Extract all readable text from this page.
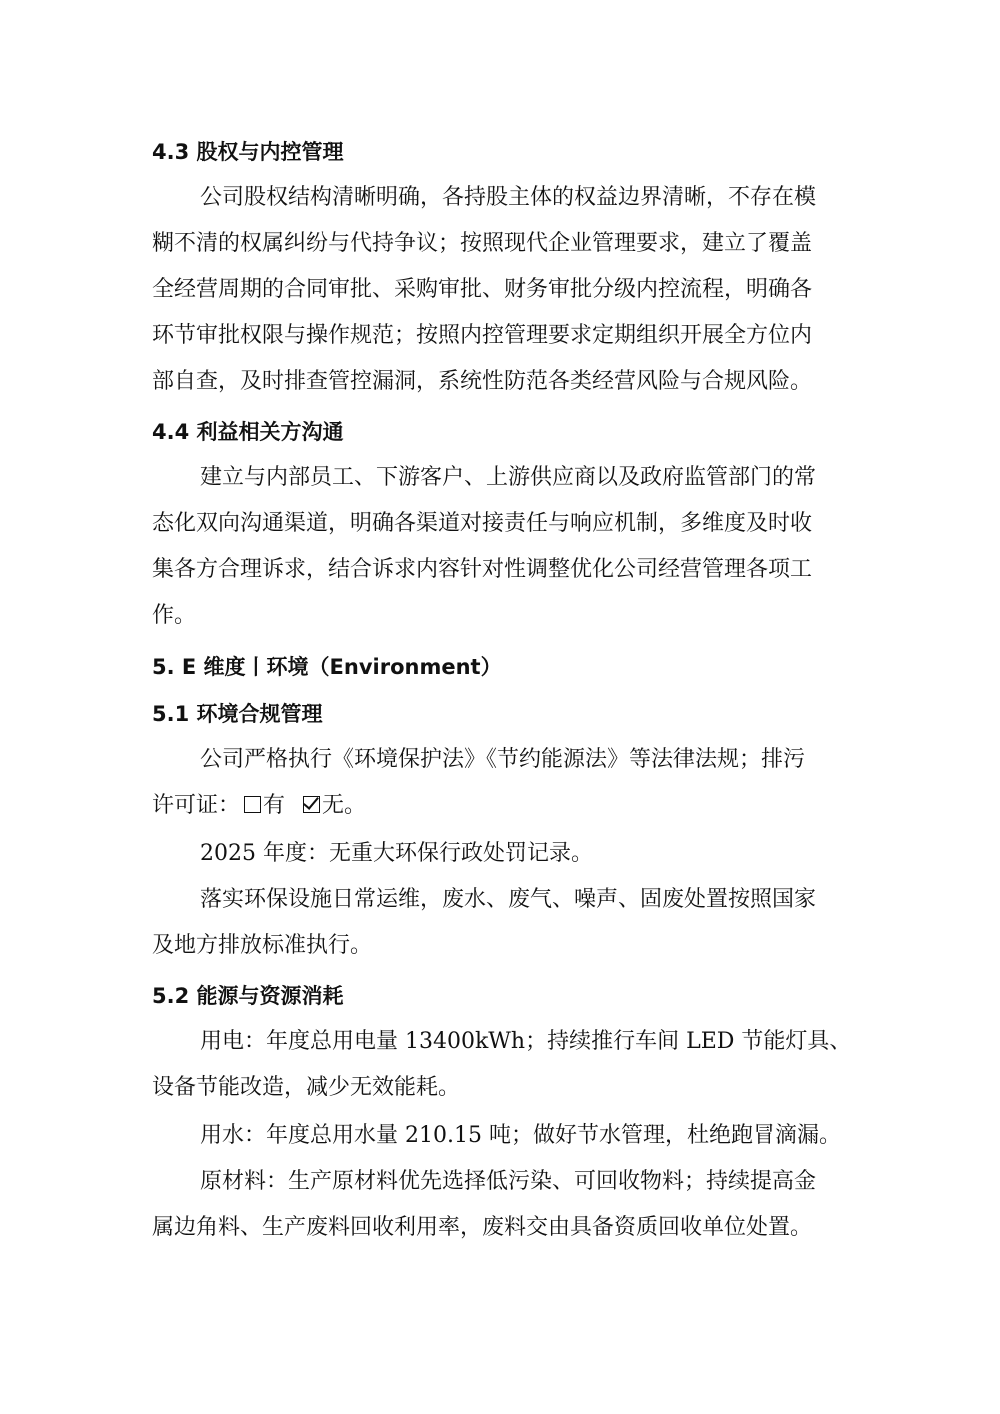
4.3 股权与内控管理
公司股权结构清晰明确，各持股主体的权益边界清晰，不存在模
糊不清的权属纠纷与代持争议；按照现代企业管理要求，建立了覆盖
全经营周期的合同审批、采购审批、财务审批分级内控流程，明确各
环节审批权限与操作规范；按照内控管理要求定期组织开展全方位内
部自查，及时排查管控漏洞，系统性防范各类经营风险与合规风险。
4.4 利益相关方沟通
建立与内部员工、下游客户、上游供应商以及政府监管部门的常
态化双向沟通渠道，明确各渠道对接责任与响应机制，多维度及时收
集各方合理诉求，结合诉求内容针对性调整优化公司经营管理各项工
作。
5. E 维度丨环境（Environment）
5.1 环境合规管理
公司严格执行《环境保护法》《节约能源法》等法律法规；排污
许可证： 有 无。
2025 年度：无重大环保行政处罚记录。
落实环保设施日常运维，废水、废气、噪声、固废处置按照国家
及地方排放标准执行。
5.2 能源与资源消耗
用电：年度总用电量 13400kWh；持续推行车间 LED 节能灯具、
设备节能改造，减少无效能耗。
用水：年度总用水量 210.15 吨；做好节水管理，杜绝跑冒滴漏。
原材料：生产原材料优先选择低污染、可回收物料；持续提高金
属边角料、生产废料回收利用率，废料交由具备资质回收单位处置。
